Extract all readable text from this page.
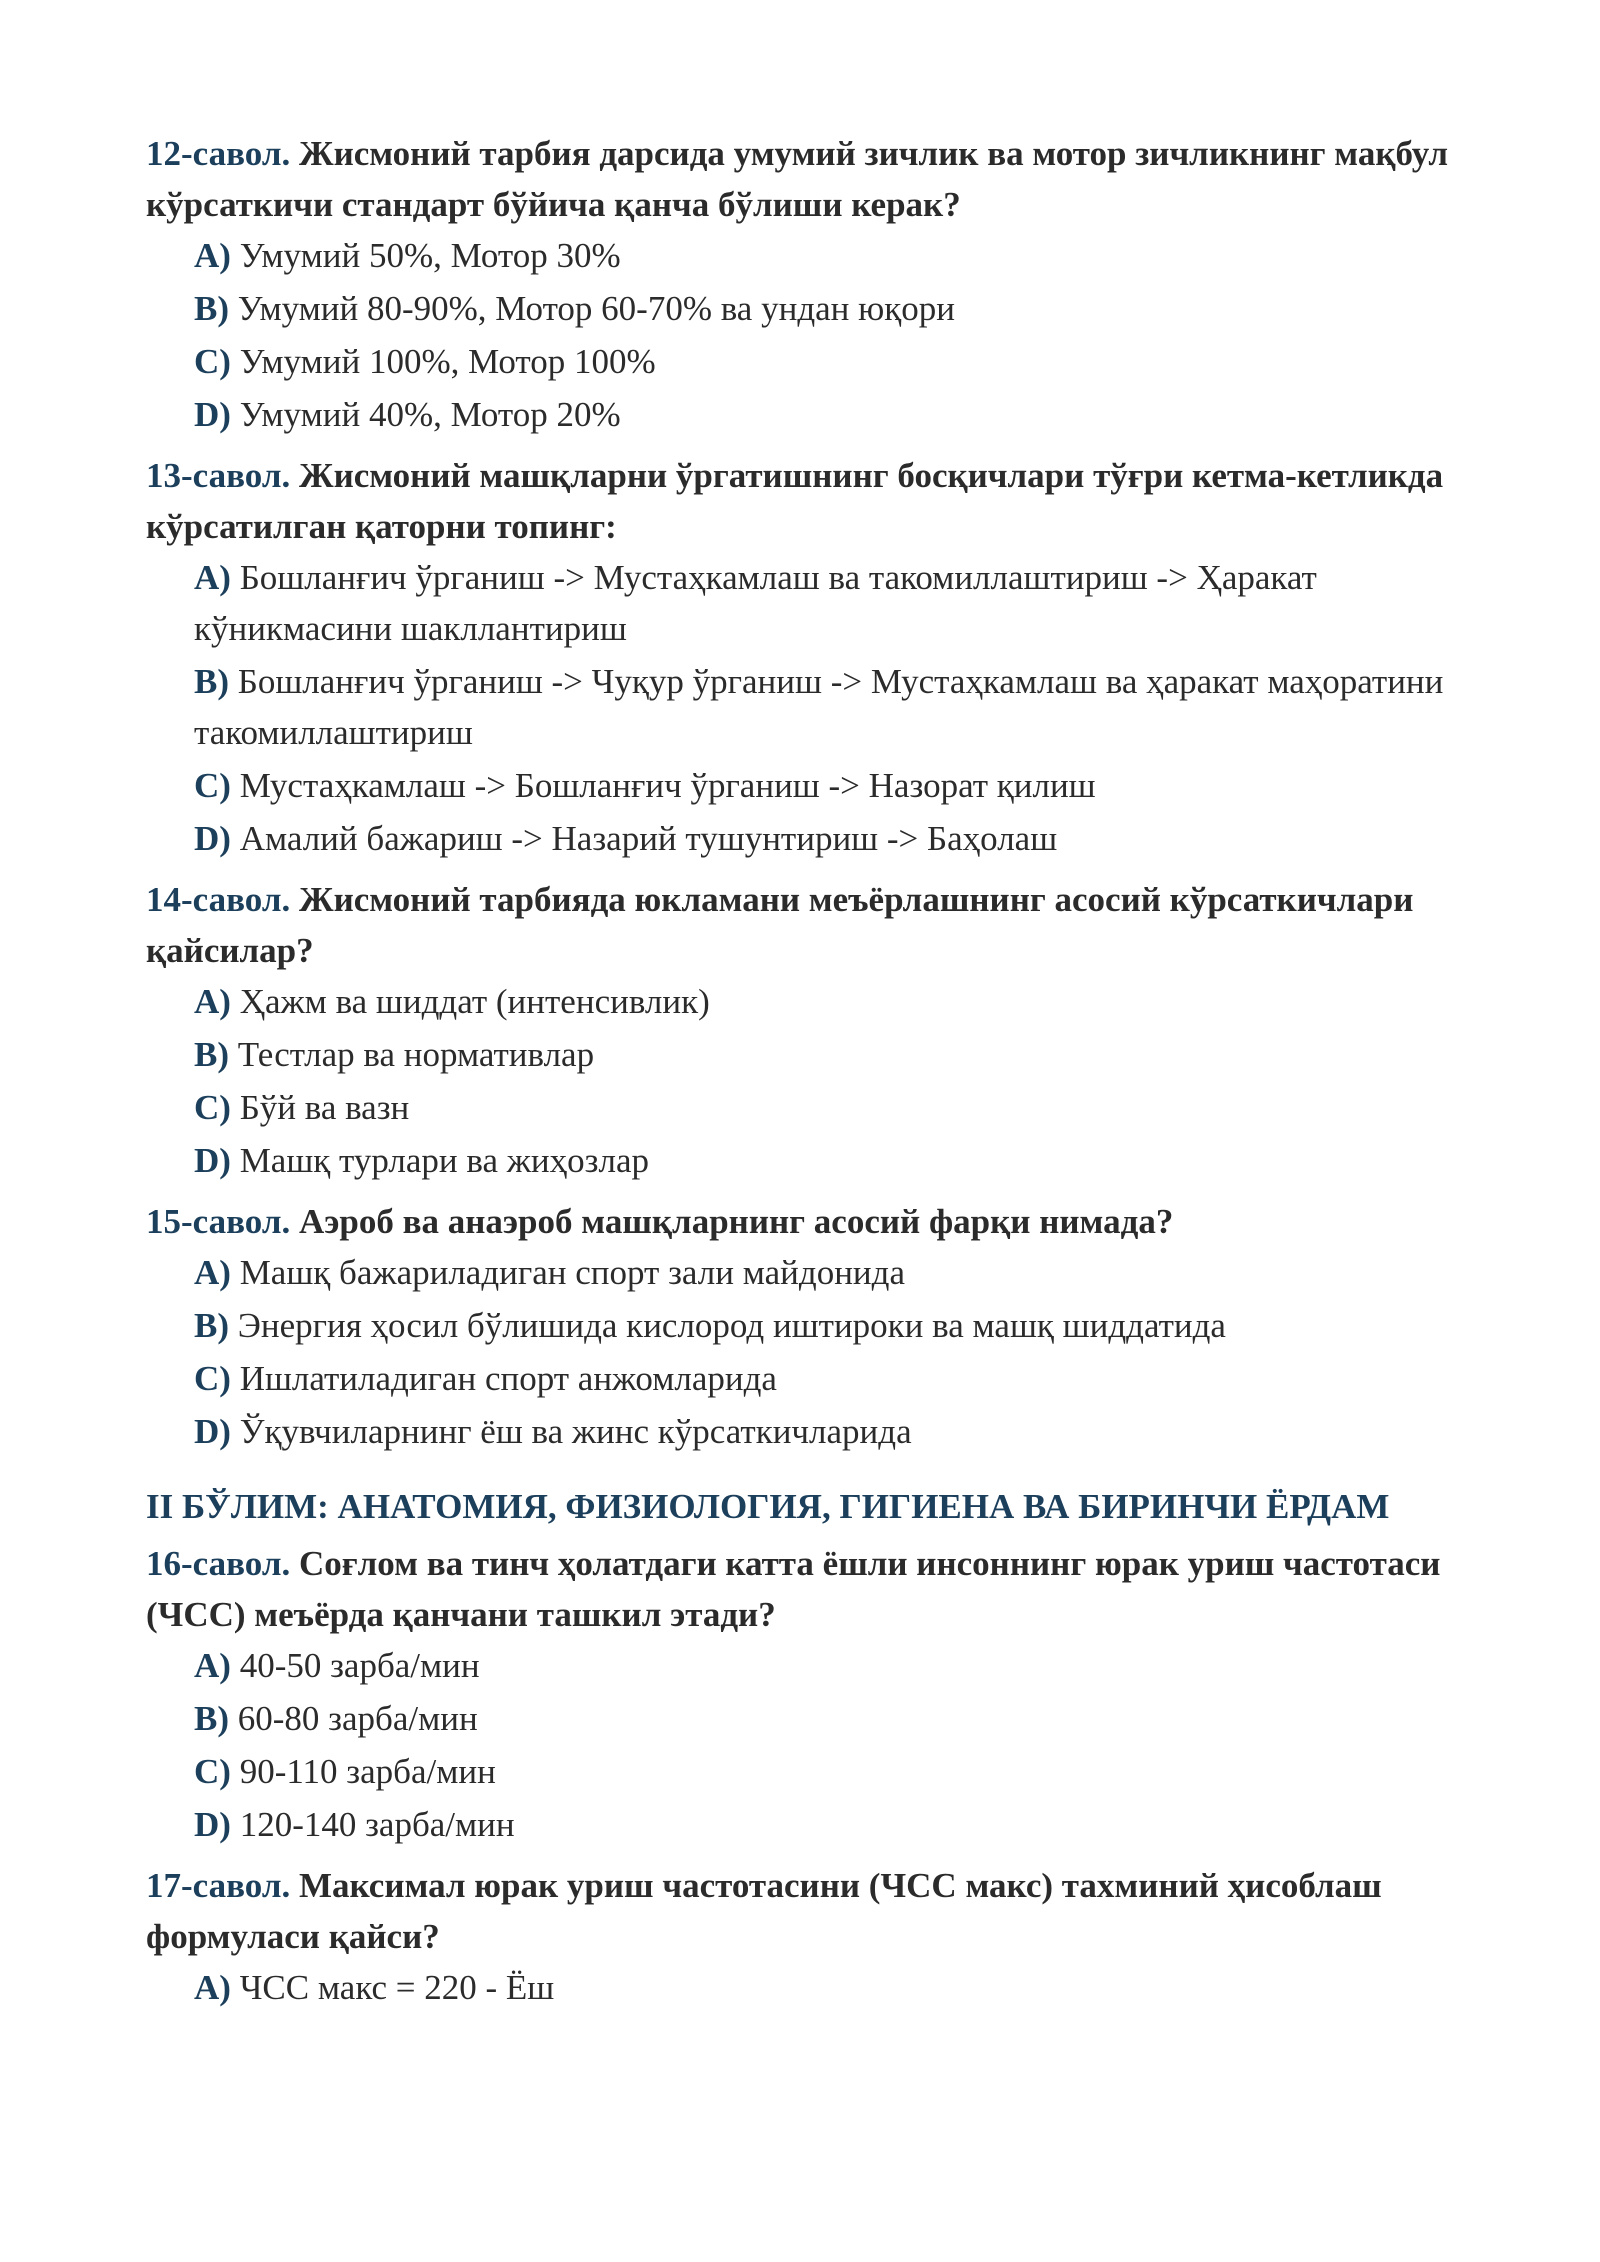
12-савол. Жисмоний тарбия дарсида умумий зичлик ва мотор зичликнинг мақбул кўрсаткичи стандарт бўйича қанча бўлиши керак?

A) Умумий 50%, Мотор 30%
B) Умумий 80-90%, Мотор 60-70% ва ундан юқори
C) Умумий 100%, Мотор 100%
D) Умумий 40%, Мотор 20%

13-савол. Жисмоний машқларни ўргатишнинг босқичлари тўғри кетма-кетликда кўрсатилган қаторни топинг:

A) Бошланғич ўрганиш -> Мустаҳкамлаш ва такомиллаштириш -> Ҳаракат кўникмасини шакллантириш
B) Бошланғич ўрганиш -> Чуқур ўрганиш -> Мустаҳкамлаш ва ҳаракат маҳоратини такомиллаштириш
C) Мустаҳкамлаш -> Бошланғич ўрганиш -> Назорат қилиш
D) Амалий бажариш -> Назарий тушунтириш -> Баҳолаш

14-савол. Жисмоний тарбияда юкламани меъёрлашнинг асосий кўрсаткичлари қайсилар?

A) Ҳажм ва шиддат (интенсивлик)
B) Тестлар ва нормативлар
C) Бўй ва вазн
D) Машқ турлари ва жиҳозлар

15-савол. Аэроб ва анаэроб машқларнинг асосий фарқи нимада?

A) Машқ бажариладиган спорт зали майдонида
B) Энергия ҳосил бўлишида кислород иштироки ва машқ шиддатида
C) Ишлатиладиган спорт анжомларида
D) Ўқувчиларнинг ёш ва жинс кўрсаткичларида
II БЎЛИМ: АНАТОМИЯ, ФИЗИОЛОГИЯ, ГИГИЕНА ВА БИРИНЧИ ЁРДАМ

16-савол. Соғлом ва тинч ҳолатдаги катта ёшли инсоннинг юрак уриш частотаси (ЧСС) меъёрда қанчани ташкил этади?

A) 40-50 зарба/мин
B) 60-80 зарба/мин
C) 90-110 зарба/мин
D) 120-140 зарба/мин

17-савол. Максимал юрак уриш частотасини (ЧСС макс) тахминий ҳисоблаш формуласи қайси?

A) ЧСС макс = 220 - Ёш
